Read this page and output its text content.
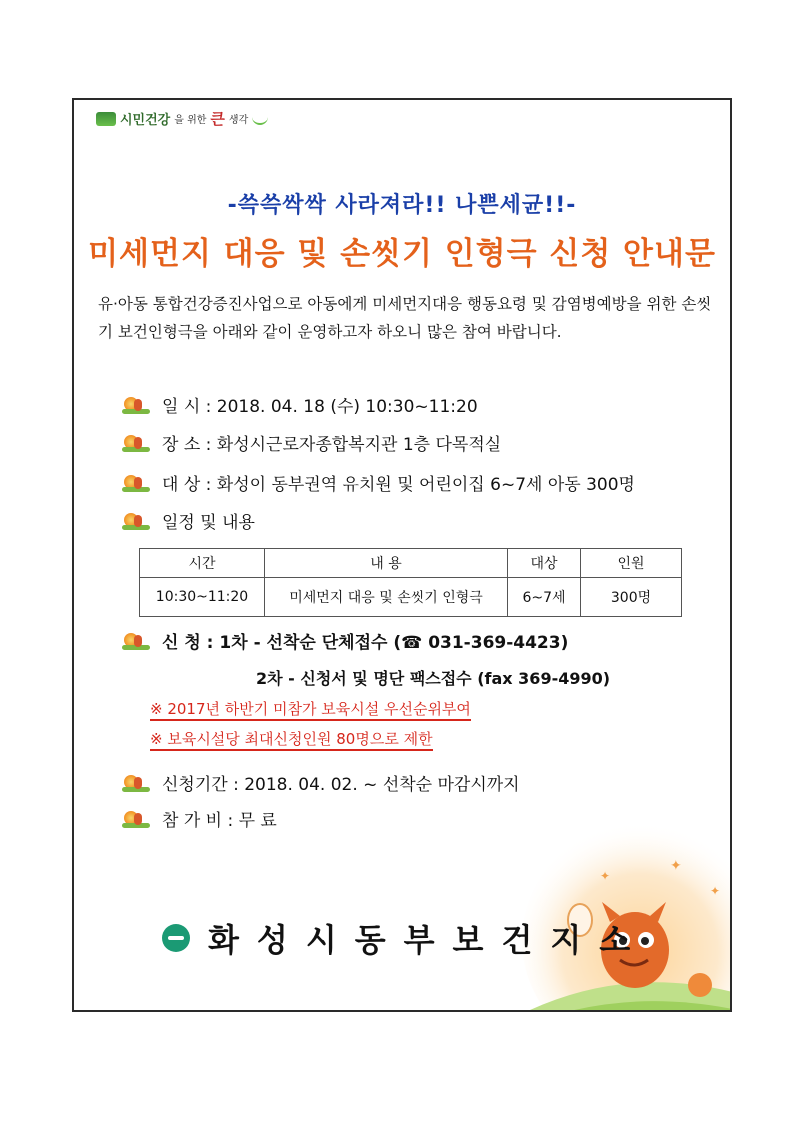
시민건강 을 위한 큰 생각
-쓱쓱싹싹 사라져라!! 나쁜세균!!-
미세먼지 대응 및 손씻기 인형극 신청 안내문
유·아동 통합건강증진사업으로 아동에게 미세먼지대응 행동요령 및 감염병예방을 위한 손씻기 보건인형극을 아래와 같이 운영하고자 하오니 많은 참여 바랍니다.
일 시 : 2018. 04. 18 (수) 10:30~11:20
장 소 : 화성시근로자종합복지관 1층 다목적실
대 상 : 화성이 동부권역 유치원 및 어린이집 6~7세 아동 300명
일정 및 내용
시간	내 용	대상	인원
10:30~11:20	미세먼지 대응 및 손씻기 인형극	6~7세	300명
신 청 : 1차 - 선착순 단체접수 (☎ 031-369-4423)
2차 - 신청서 및 명단 팩스접수 (fax 369-4990)
※ 2017년 하반기 미참가 보육시설 우선순위부여
※ 보육시설당 최대신청인원 80명으로 제한
신청기간 : 2018. 04. 02. ~ 선착순 마감시까지
참 가 비 : 무 료
✦
✦
✦
화성시동부보건지소
